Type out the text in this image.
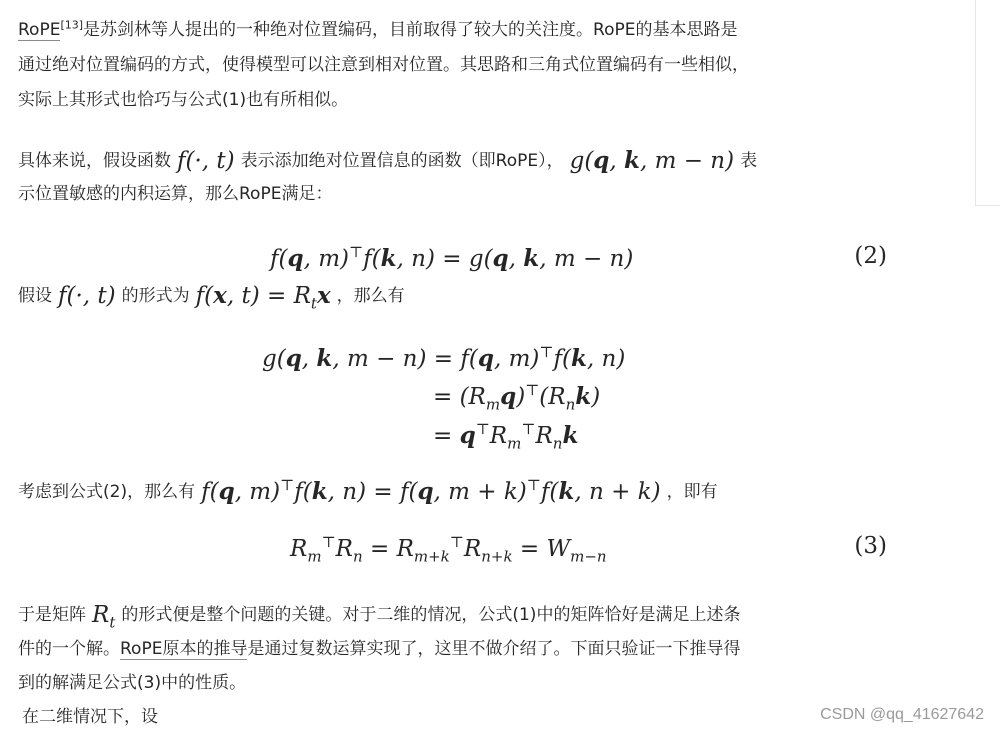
RoPE[13]是苏剑林等人提出的一种绝对位置编码，目前取得了较大的关注度。RoPE的基本思路是

通过绝对位置编码的方式，使得模型可以注意到相对位置。其思路和三角式位置编码有一些相似，

实际上其形式也恰巧与公式(1)也有所相似。

具体来说，假设函数 f(·, t) 表示添加绝对位置信息的函数（即RoPE）， g(q, k, m − n) 表

示位置敏感的内积运算，那么RoPE满足：

f(q, m)⊤f(k, n) = g(q, k, m − n)	(2)

假设 f(·, t) 的形式为 f(x, $t) = R_tx$ ，那么有

g(q, k, m − n) = f(q, m)⊤f(k, n)
= $(R_mq)^⊤(R_nk)$
= $q^⊤R_m^⊤R_nk$

考虑到公式(2)，那么有 f(q, m)⊤f(k, n) = f(q, m + k)⊤f(k, n + k) ，即有

$R_m^⊤R_n = R_{m+k}^⊤R_{n+k} = W_{m-n}$	(3)

于是矩阵 $R_t$ 的形式便是整个问题的关键。对于二维的情况，公式(1)中的矩阵恰好是满足上述条

件的一个解。RoPE原本的推导是通过复数运算实现了，这里不做介绍了。下面只验证一下推导得

到的解满足公式(3)中的性质。

在二维情况下，设	CSDN @qq_41627642
